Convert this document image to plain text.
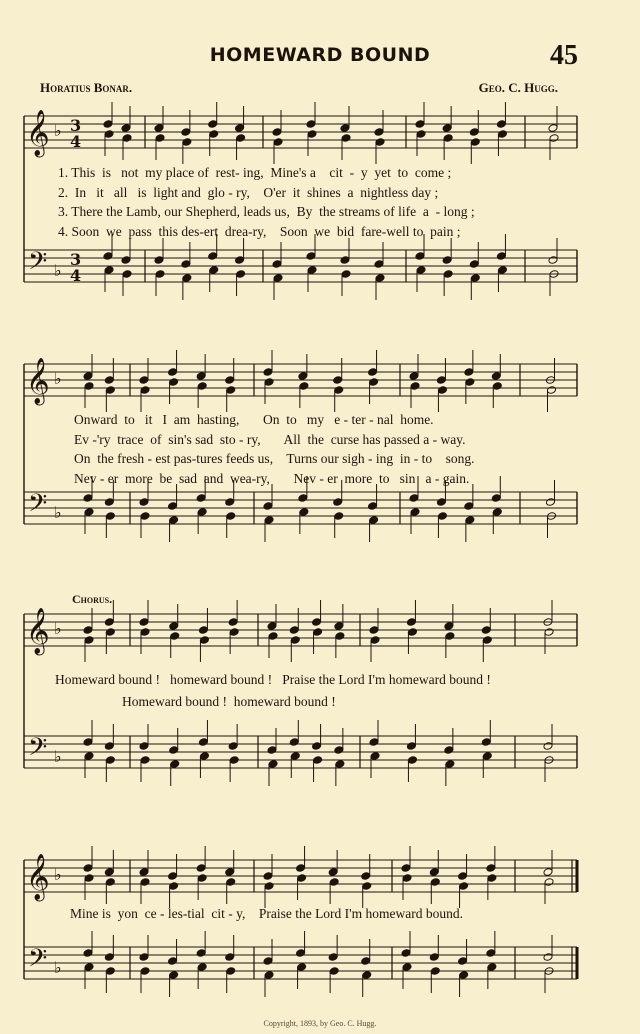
HOMEWARD BOUND	45
Horatius Bonar.	Geo. C. Hugg.
𝄞
𝄢
♭
♭
3
4
3
4
𝄞
𝄢
♭
♭
𝄞
𝄢
♭
♭
𝄞
𝄢
♭
♭
1. This  is   not  my place of  rest- ing,  Mine's a    cit  -  y  yet  to  come ;
2.  In   it   all   is  light and  glo - ry,    O'er  it  shines  a  nightless day ;
3. There the Lamb, our Shepherd, leads us,  By  the streams of life  a  - long ;
4. Soon  we  pass  this des-ert  drea-ry,    Soon  we  bid  fare-well to  pain ;
Onward  to   it   I  am  hasting,       On  to   my   e - ter - nal  home.
Ev -'ry  trace  of  sin's sad  sto - ry,       All  the  curse has passed a - way.
On  the fresh - est pas-tures feeds us,    Turns our sigh - ing  in - to    song.
Nev - er  more  be  sad  and  wea-ry,       Nev - er  more  to   sin   a - gain.
Chorus.
Homeward bound !   homeward bound !   Praise the Lord I'm homeward bound !
Homeward bound !  homeward bound !
Mine is  yon  ce - les-tial  cit - y,    Praise the Lord I'm homeward bound.
Copyright, 1893, by Geo. C. Hugg.
